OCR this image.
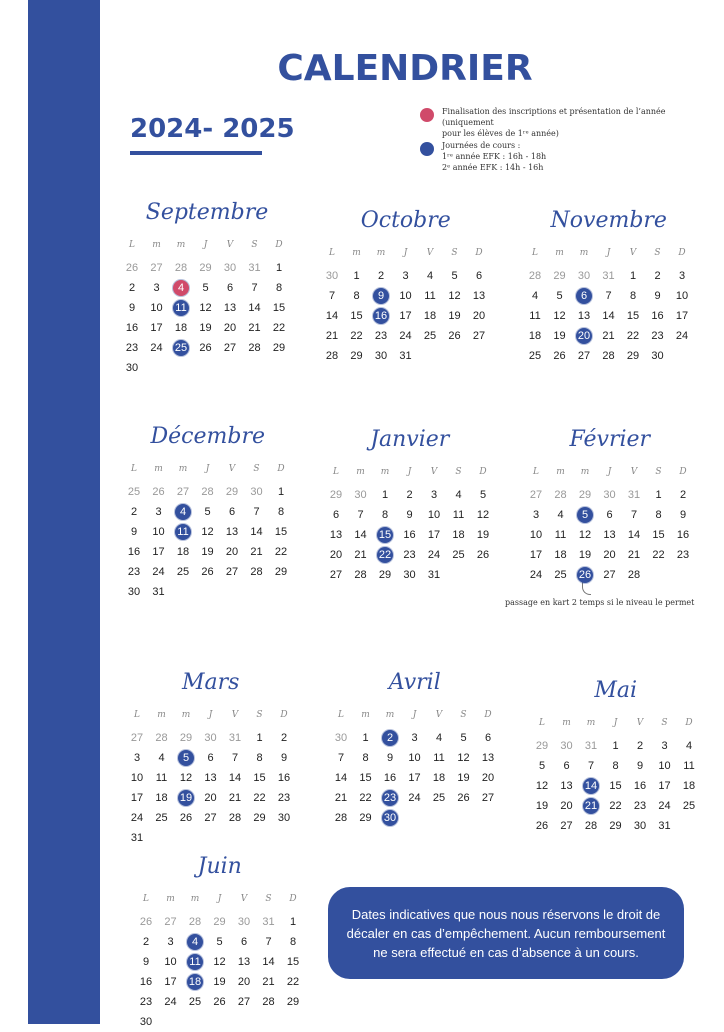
CALENDRIER
2024- 2025
Finalisation des inscriptions et présentation de l’année (uniquement
pour les élèves de 1ʳᵉ année)
Journées de cours :
1ʳᵉ année EFK : 16h - 18h
2ᵉ année EFK : 14h - 16h
Septembre
L	m	m	J	V	S	D
26	27	28	29	30	31	1
2	3	4	5	6	7	8
9	10	11	12	13	14	15
16	17	18	19	20	21	22
23	24	25	26	27	28	29
30
Octobre
L	m	m	J	V	S	D
30	1	2	3	4	5	6
7	8	9	10	11	12	13
14	15	16	17	18	19	20
21	22	23	24	25	26	27
28	29	30	31
Novembre
L	m	m	J	V	S	D
28	29	30	31	1	2	3
4	5	6	7	8	9	10
11	12	13	14	15	16	17
18	19	20	21	22	23	24
25	26	27	28	29	30
Décembre
L	m	m	J	V	S	D
25	26	27	28	29	30	1
2	3	4	5	6	7	8
9	10	11	12	13	14	15
16	17	18	19	20	21	22
23	24	25	26	27	28	29
30	31
Janvier
L	m	m	J	V	S	D
29	30	1	2	3	4	5
6	7	8	9	10	11	12
13	14	15	16	17	18	19
20	21	22	23	24	25	26
27	28	29	30	31
Février
L	m	m	J	V	S	D
27	28	29	30	31	1	2
3	4	5	6	7	8	9
10	11	12	13	14	15	16
17	18	19	20	21	22	23
24	25	26	27	28
Mars
L	m	m	J	V	S	D
27	28	29	30	31	1	2
3	4	5	6	7	8	9
10	11	12	13	14	15	16
17	18	19	20	21	22	23
24	25	26	27	28	29	30
31
Avril
L	m	m	J	V	S	D
30	1	2	3	4	5	6
7	8	9	10	11	12	13
14	15	16	17	18	19	20
21	22	23	24	25	26	27
28	29	30
Mai
L	m	m	J	V	S	D
29	30	31	1	2	3	4
5	6	7	8	9	10	11
12	13	14	15	16	17	18
19	20	21	22	23	24	25
26	27	28	29	30	31
Juin
L	m	m	J	V	S	D
26	27	28	29	30	31	1
2	3	4	5	6	7	8
9	10	11	12	13	14	15
16	17	18	19	20	21	22
23	24	25	26	27	28	29
30
passage en kart 2 temps si le niveau le permet
Dates indicatives que nous nous réservons le droit de décaler en cas d’empêchement. Aucun remboursement ne sera effectué en cas d’absence à un cours.
